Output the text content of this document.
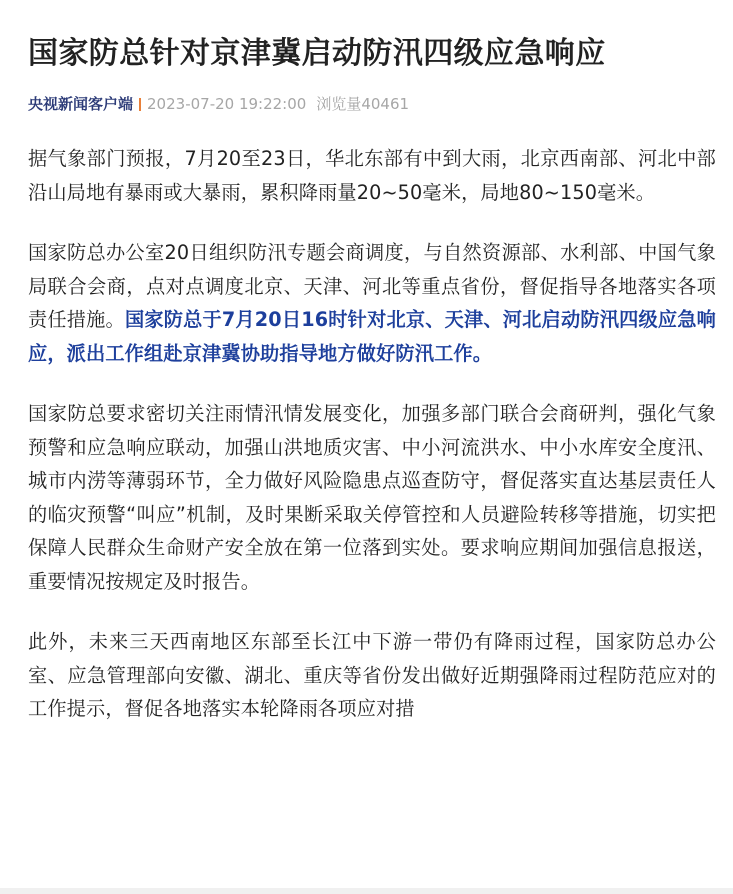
国家防总针对京津冀启动防汛四级应急响应
央视新闻客户端 2023-07-20 19:22:00 浏览量 40461

据气象部门预报，7月20至23日，华北东部有中到大雨，北京西南部、河北中部沿山局地有暴雨或大暴雨，累积降雨量20~50毫米，局地80~150毫米。

国家防总办公室20日组织防汛专题会商调度，与自然资源部、水利部、中国气象局联合会商，点对点调度北京、天津、河北等重点省份，督促指导各地落实各项责任措施。国家防总于7月20日16时针对北京、天津、河北启动防汛四级应急响应，派出工作组赴京津冀协助指导地方做好防汛工作。

国家防总要求密切关注雨情汛情发展变化，加强多部门联合会商研判，强化气象预警和应急响应联动，加强山洪地质灾害、中小河流洪水、中小水库安全度汛、城市内涝等薄弱环节，全力做好风险隐患点巡查防守，督促落实直达基层责任人的临灾预警“叫应”机制，及时果断采取关停管控和人员避险转移等措施，切实把保障人民群众生命财产安全放在第一位落到实处。要求响应期间加强信息报送，重要情况按规定及时报告。

此外，未来三天西南地区东部至长江中下游一带仍有降雨过程，国家防总办公室、应急管理部向安徽、湖北、重庆等省份发出做好近期强降雨过程防范应对的工作提示，督促各地落实本轮降雨各项应对措
